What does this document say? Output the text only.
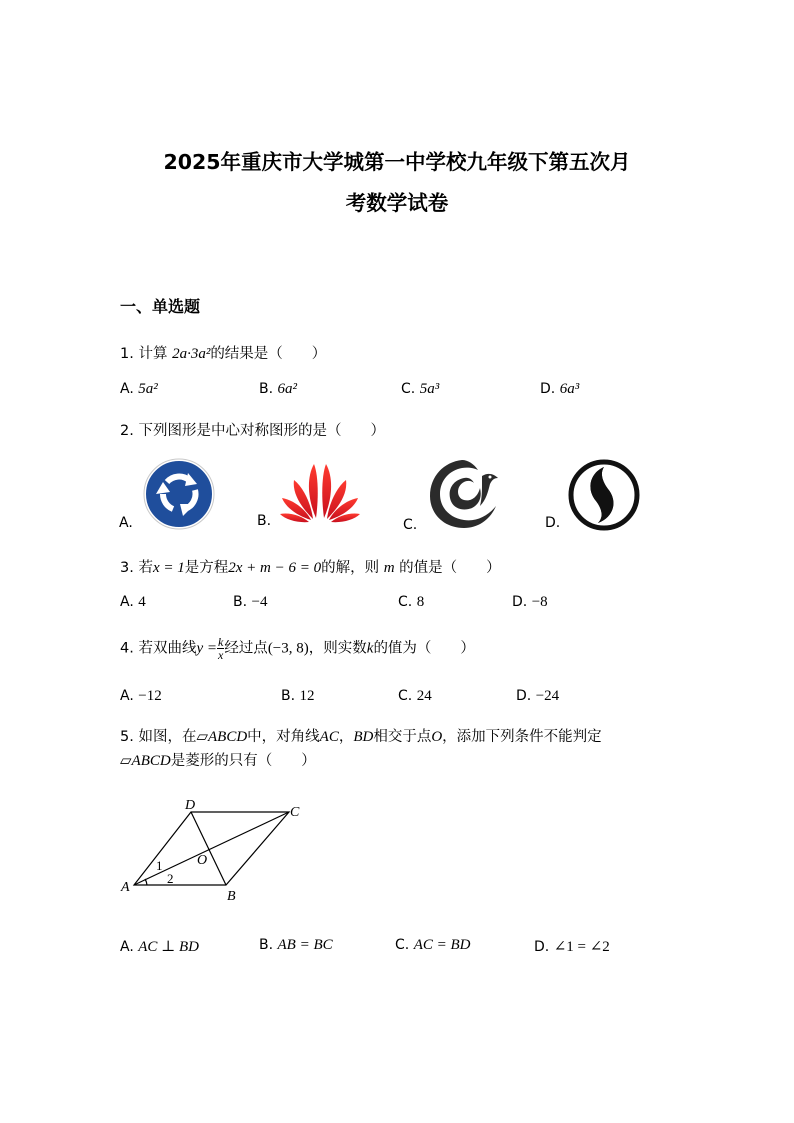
2025年重庆市大学城第一中学校九年级下第五次月
考数学试卷
一、单选题
1. 计算 2a·3a²的结果是（　　）
A. 5a²	B. 6a²	C. 5a³	D. 6a³
2. 下列图形是中心对称图形的是（　　）
A.	B.	C.	D.
3. 若x = 1是方程2x + m − 6 = 0的解，则 m 的值是（　　）
A. 4	B. −4	C. 8	D. −8
4. 若双曲线$y = \frac{k}{x}$ 经过点(−3, 8)，则实数k的值为（　　）
A. −12	B. 12	C. 24	D. −24
5. 如图，在▱ABCD中，对角线AC，BD相交于点O，添加下列条件不能判定
▱ABCD是菱形的只有（　　）
A
B
C
D
O
1
2
A. AC ⊥ BD	B. AB = BC	C. AC = BD	D. ∠1 = ∠2
